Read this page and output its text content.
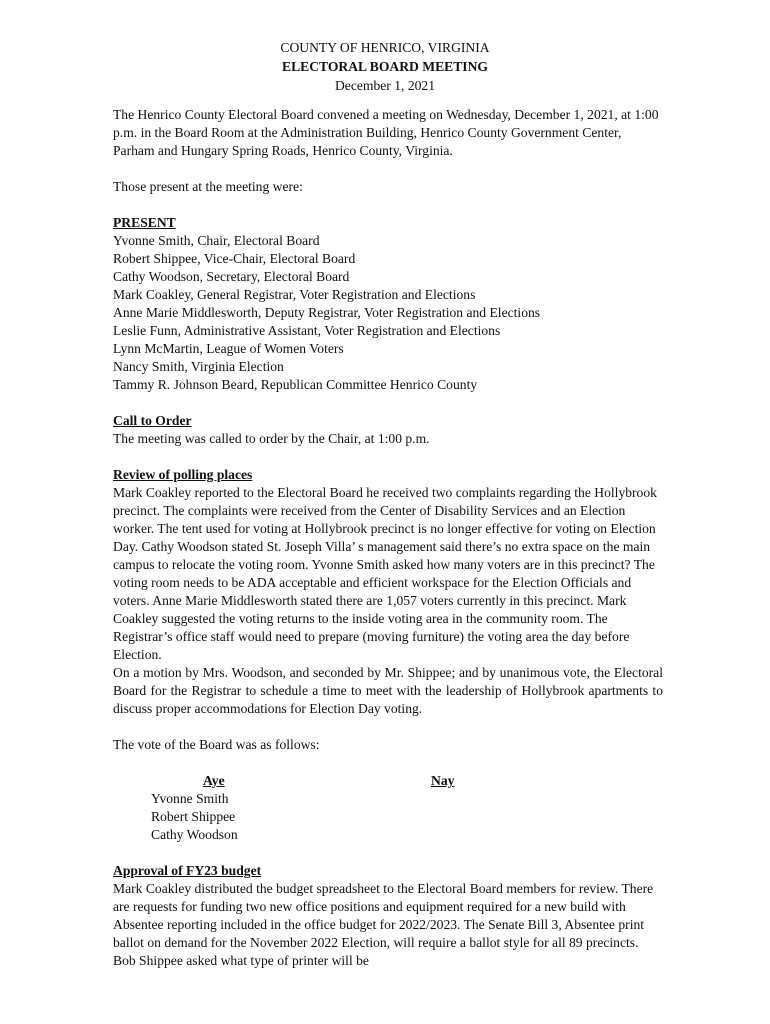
COUNTY OF HENRICO, VIRGINIA
ELECTORAL BOARD MEETING
December 1, 2021

The Henrico County Electoral Board convened a meeting on Wednesday, December 1, 2021, at 1:00 p.m. in the Board Room at the Administration Building, Henrico County Government Center, Parham and Hungary Spring Roads, Henrico County, Virginia.

Those present at the meeting were:

PRESENT
Yvonne Smith, Chair, Electoral Board
Robert Shippee, Vice-Chair, Electoral Board
Cathy Woodson, Secretary, Electoral Board
Mark Coakley, General Registrar, Voter Registration and Elections
Anne Marie Middlesworth, Deputy Registrar, Voter Registration and Elections
Leslie Funn, Administrative Assistant, Voter Registration and Elections
Lynn McMartin, League of Women Voters
Nancy Smith, Virginia Election
Tammy R. Johnson Beard, Republican Committee Henrico County
Call to Order

The meeting was called to order by the Chair, at 1:00 p.m.

Review of polling places

Mark Coakley reported to the Electoral Board he received two complaints regarding the Hollybrook precinct. The complaints were received from the Center of Disability Services and an Election worker. The tent used for voting at Hollybrook precinct is no longer effective for voting on Election Day. Cathy Woodson stated St. Joseph Villa’ s management said there’s no extra space on the main campus to relocate the voting room. Yvonne Smith asked how many voters are in this precinct? The voting room needs to be ADA acceptable and efficient workspace for the Election Officials and voters. Anne Marie Middlesworth stated there are 1,057 voters currently in this precinct. Mark Coakley suggested the voting returns to the inside voting area in the community room. The Registrar’s office staff would need to prepare (moving furniture) the voting area the day before Election.

On a motion by Mrs. Woodson, and seconded by Mr. Shippee; and by unanimous vote, the Electoral Board for the Registrar to schedule a time to meet with the leadership of Hollybrook apartments to discuss proper accommodations for Election Day voting.

The vote of the Board was as follows:

Aye
Yvonne Smith
Robert Shippee
Cathy Woodson
Nay
Approval of FY23 budget

Mark Coakley distributed the budget spreadsheet to the Electoral Board members for review. There are requests for funding two new office positions and equipment required for a new build with Absentee reporting included in the office budget for 2022/2023. The Senate Bill 3, Absentee print ballot on demand for the November 2022 Election, will require a ballot style for all 89 precincts. Bob Shippee asked what type of printer will be
